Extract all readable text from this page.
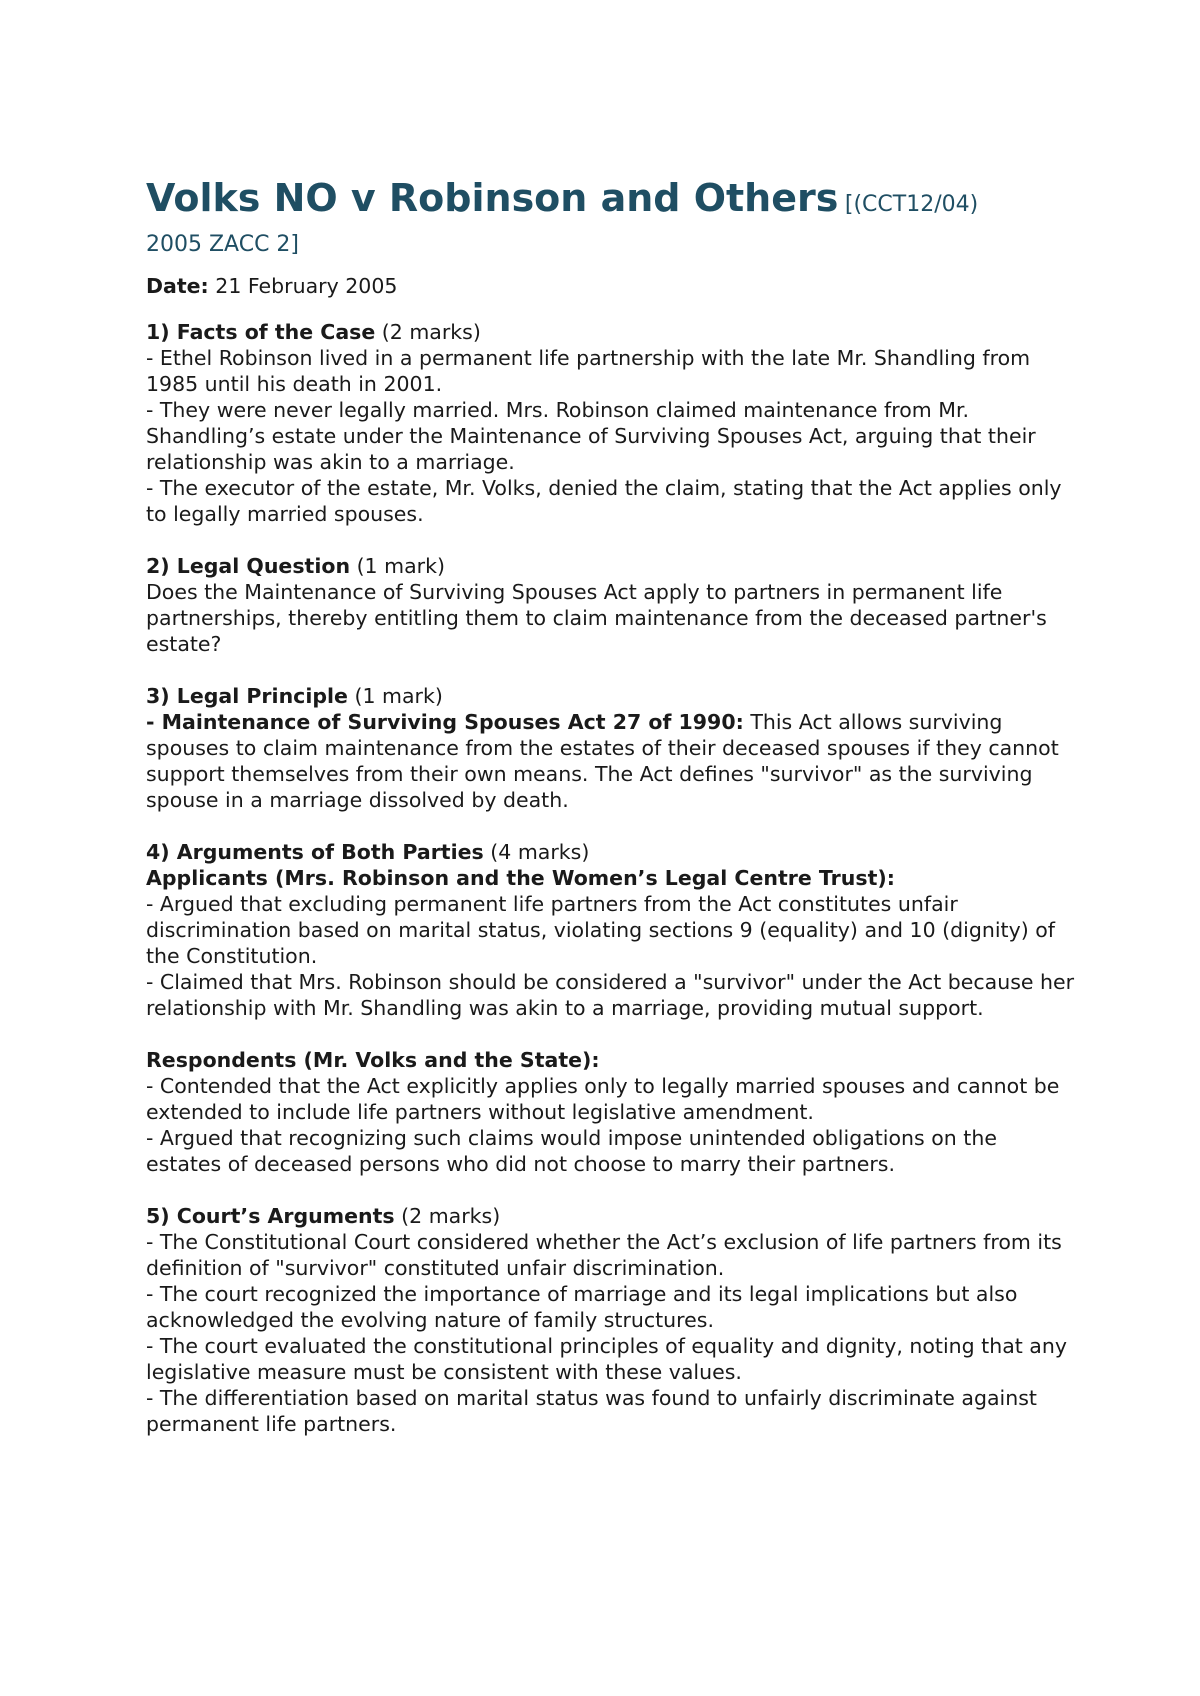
Volks NO v Robinson and Others [(CCT12/04)
2005 ZACC 2]
Date: 21 February 2005
1) Facts of the Case (2 marks)
- Ethel Robinson lived in a permanent life partnership with the late Mr. Shandling from 1985 until his death in 2001.
- They were never legally married. Mrs. Robinson claimed maintenance from Mr. Shandling’s estate under the Maintenance of Surviving Spouses Act, arguing that their relationship was akin to a marriage.
- The executor of the estate, Mr. Volks, denied the claim, stating that the Act applies only to legally married spouses.
2) Legal Question (1 mark)
Does the Maintenance of Surviving Spouses Act apply to partners in permanent life partnerships, thereby entitling them to claim maintenance from the deceased partner's estate?
3) Legal Principle (1 mark)
- Maintenance of Surviving Spouses Act 27 of 1990: This Act allows surviving spouses to claim maintenance from the estates of their deceased spouses if they cannot support themselves from their own means. The Act defines "survivor" as the surviving spouse in a marriage dissolved by death.
4) Arguments of Both Parties (4 marks)
Applicants (Mrs. Robinson and the Women’s Legal Centre Trust):
- Argued that excluding permanent life partners from the Act constitutes unfair discrimination based on marital status, violating sections 9 (equality) and 10 (dignity) of the Constitution.
- Claimed that Mrs. Robinson should be considered a "survivor" under the Act because her relationship with Mr. Shandling was akin to a marriage, providing mutual support.
Respondents (Mr. Volks and the State):
- Contended that the Act explicitly applies only to legally married spouses and cannot be extended to include life partners without legislative amendment.
- Argued that recognizing such claims would impose unintended obligations on the estates of deceased persons who did not choose to marry their partners.
5) Court’s Arguments (2 marks)
- The Constitutional Court considered whether the Act’s exclusion of life partners from its definition of "survivor" constituted unfair discrimination.
- The court recognized the importance of marriage and its legal implications but also acknowledged the evolving nature of family structures.
- The court evaluated the constitutional principles of equality and dignity, noting that any legislative measure must be consistent with these values.
- The differentiation based on marital status was found to unfairly discriminate against permanent life partners.
